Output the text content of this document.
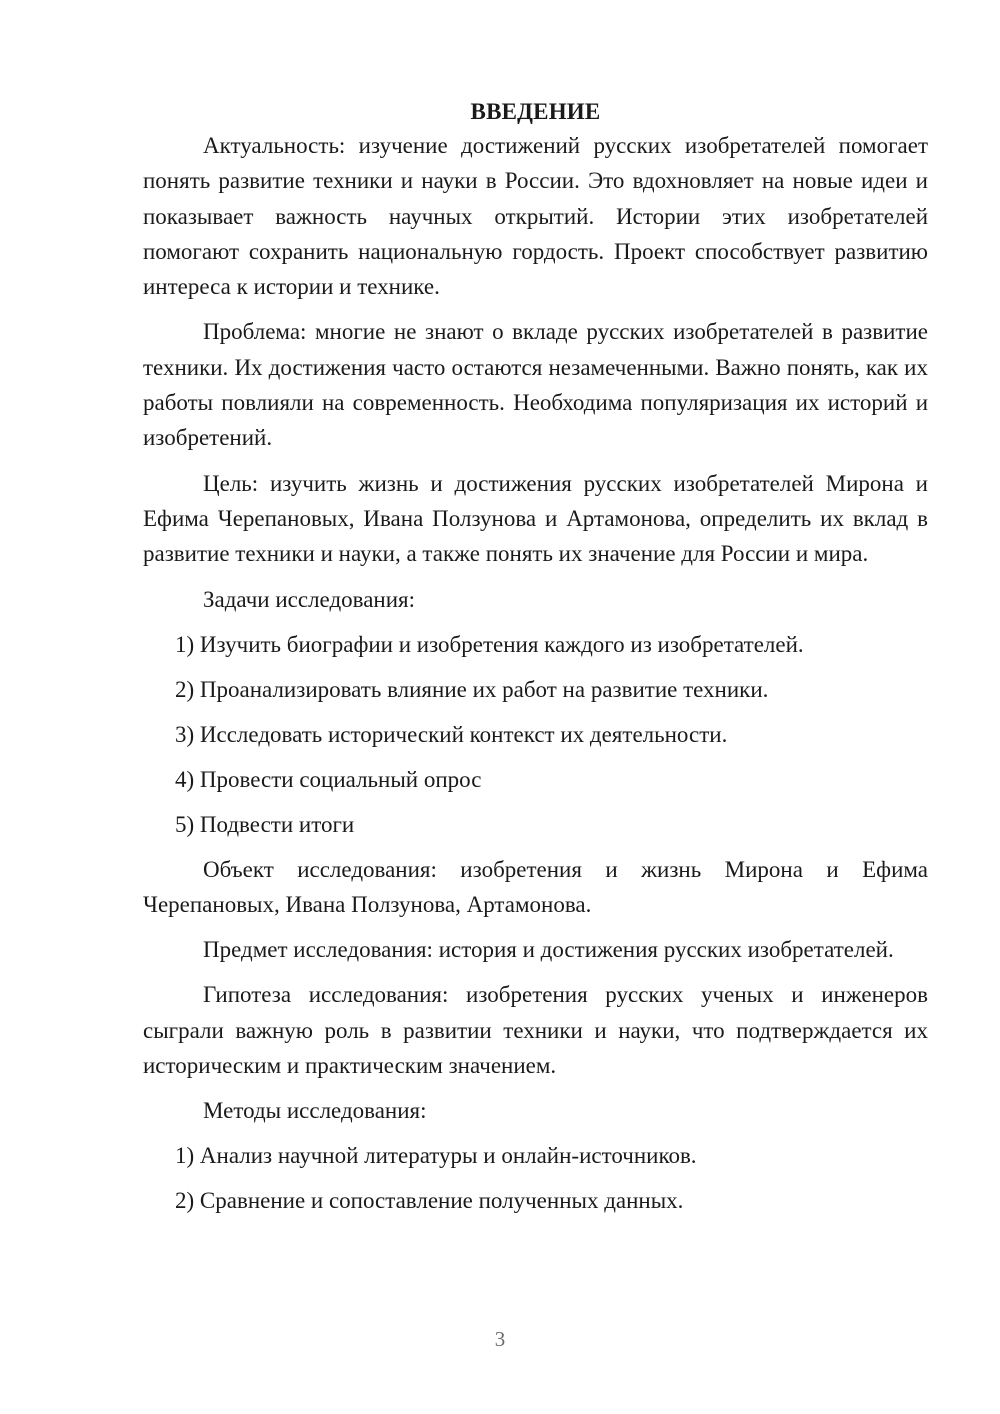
ВВЕДЕНИЕ

Актуальность: изучение достижений русских изобретателей помогает понять развитие техники и науки в России. Это вдохновляет на новые идеи и показывает важность научных открытий. Истории этих изобретателей помогают сохранить национальную гордость. Проект способствует развитию интереса к истории и технике.

Проблема: многие не знают о вкладе русских изобретателей в развитие техники. Их достижения часто остаются незамеченными. Важно понять, как их работы повлияли на современность. Необходима популяризация их историй и изобретений.

Цель: изучить жизнь и достижения русских изобретателей Мирона и Ефима Черепановых, Ивана Ползунова и Артамонова, определить их вклад в развитие техники и науки, а также понять их значение для России и мира.

Задачи исследования:

1) Изучить биографии и изобретения каждого из изобретателей.

2) Проанализировать влияние их работ на развитие техники.

3) Исследовать исторический контекст их деятельности.

4) Провести социальный опрос

5) Подвести итоги

Объект исследования: изобретения и жизнь Мирона и Ефима Черепановых, Ивана Ползунова, Артамонова.

Предмет исследования: история и достижения русских изобретателей.

Гипотеза исследования: изобретения русских ученых и инженеров сыграли важную роль в развитии техники и науки, что подтверждается их историческим и практическим значением.

Методы исследования:

1) Анализ научной литературы и онлайн-источников.

2) Сравнение и сопоставление полученных данных.

3
